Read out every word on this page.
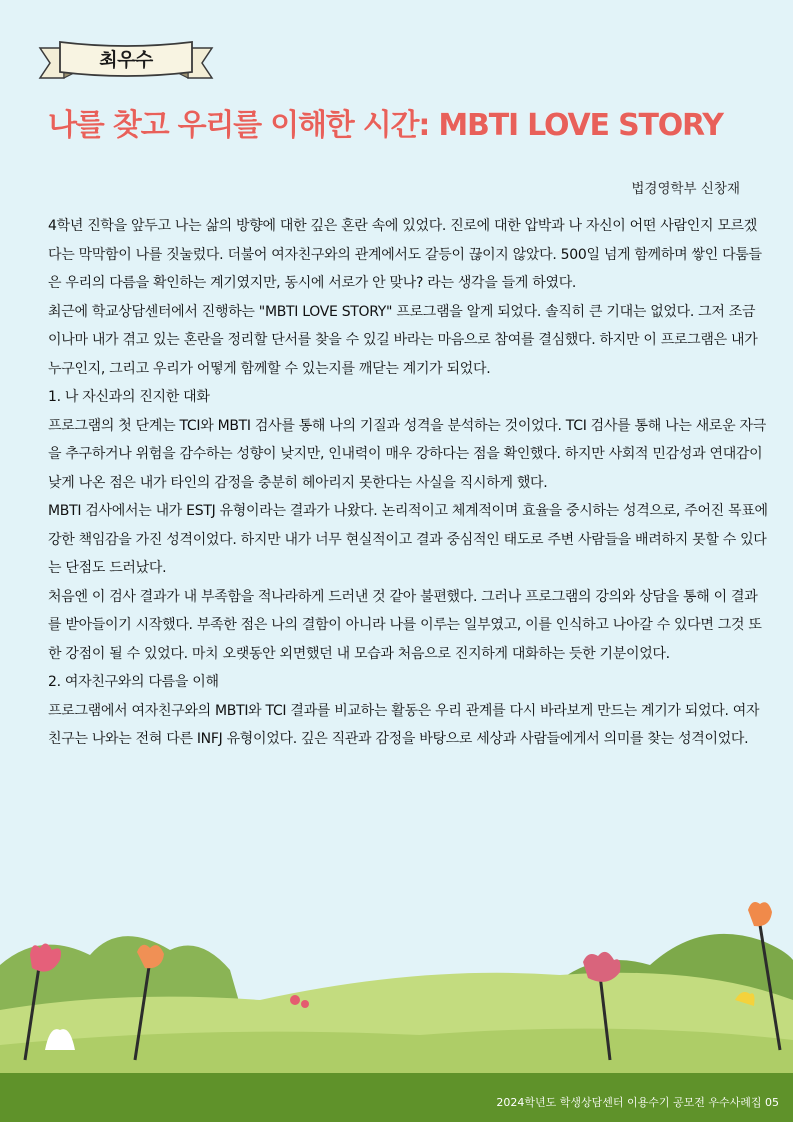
최우수
나를 찾고 우리를 이해한 시간: MBTI LOVE STORY
법경영학부 신창재

4학년 진학을 앞두고 나는 삶의 방향에 대한 깊은 혼란 속에 있었다. 진로에 대한 압박과 나 자신이 어떤 사람인지 모르겠다는 막막함이 나를 짓눌렀다. 더불어 여자친구와의 관계에서도 갈등이 끊이지 않았다. 500일 넘게 함께하며 쌓인 다툼들은 우리의 다름을 확인하는 계기였지만, 동시에 서로가 안 맞나? 라는 생각을 들게 하였다.

최근에 학교상담센터에서 진행하는 "MBTI LOVE STORY" 프로그램을 알게 되었다. 솔직히 큰 기대는 없었다. 그저 조금이나마 내가 겪고 있는 혼란을 정리할 단서를 찾을 수 있길 바라는 마음으로 참여를 결심했다. 하지만 이 프로그램은 내가 누구인지, 그리고 우리가 어떻게 함께할 수 있는지를 깨닫는 계기가 되었다.

1. 나 자신과의 진지한 대화

프로그램의 첫 단계는 TCI와 MBTI 검사를 통해 나의 기질과 성격을 분석하는 것이었다. TCI 검사를 통해 나는 새로운 자극을 추구하거나 위험을 감수하는 성향이 낮지만, 인내력이 매우 강하다는 점을 확인했다. 하지만 사회적 민감성과 연대감이 낮게 나온 점은 내가 타인의 감정을 충분히 헤아리지 못한다는 사실을 직시하게 했다.

MBTI 검사에서는 내가 ESTJ 유형이라는 결과가 나왔다. 논리적이고 체계적이며 효율을 중시하는 성격으로, 주어진 목표에 강한 책임감을 가진 성격이었다. 하지만 내가 너무 현실적이고 결과 중심적인 태도로 주변 사람들을 배려하지 못할 수 있다는 단점도 드러났다.

처음엔 이 검사 결과가 내 부족함을 적나라하게 드러낸 것 같아 불편했다. 그러나 프로그램의 강의와 상담을 통해 이 결과를 받아들이기 시작했다. 부족한 점은 나의 결함이 아니라 나를 이루는 일부였고, 이를 인식하고 나아갈 수 있다면 그것 또한 강점이 될 수 있었다. 마치 오랫동안 외면했던 내 모습과 처음으로 진지하게 대화하는 듯한 기분이었다.

2. 여자친구와의 다름을 이해

프로그램에서 여자친구와의 MBTI와 TCI 결과를 비교하는 활동은 우리 관계를 다시 바라보게 만드는 계기가 되었다. 여자친구는 나와는 전혀 다른 INFJ 유형이었다. 깊은 직관과 감정을 바탕으로 세상과 사람들에게서 의미를 찾는 성격이었다.

2024학년도 학생상담센터 이용수기 공모전 우수사례집 05
